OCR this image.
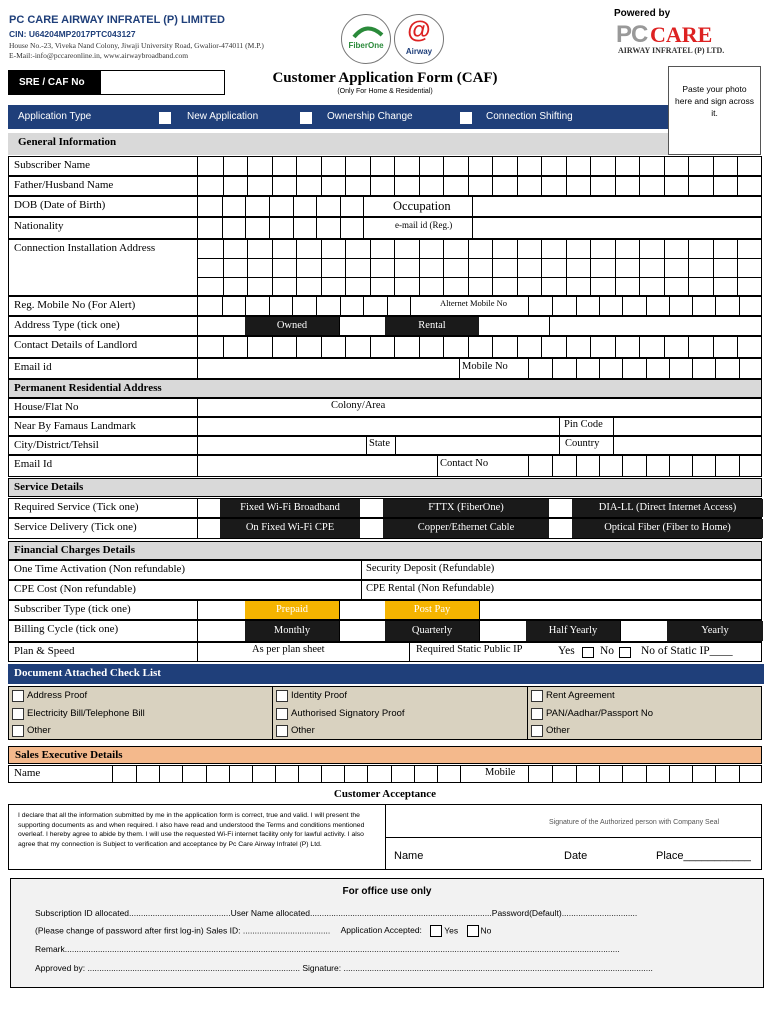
PC CARE AIRWAY INFRATEL (P) LIMITED
CIN: U64204MP2017PTC043127
House No.-23, Viveka Nand Colony, Jiwaji University Road, Gwalior-474011 (M.P.)
E-Mail:-info@pccareonline.in, www.airwaybroadband.com
FiberOne
@
Airway
Powered by
PC CARE
AIRWAY INFRATEL (P) LTD.
SRE / CAF No	Customer Application Form (CAF)
(Only For Home & Residential)	Paste your photo here and sign across it.
Application Type	New Application	Ownership Change	Connection Shifting
General Information
Subscriber Name
Father/Husband Name
DOB (Date of Birth)	Occupation
Nationality	e-mail id (Reg.)
Connection Installation Address
Reg. Mobile No (For Alert)	Alternet Mobile No
Address Type (tick one)	Owned	Rental
Contact Details of Landlord
Email id	Mobile No
Permanent Residential Address
House/Flat No	Colony/Area
Near By Famaus Landmark	Pin Code
City/District/Tehsil	State	Country
Email Id	Contact No
Service Details
Required Service (Tick one)	Fixed Wi-Fi Broadband	FTTX (FiberOne)	DIA-LL (Direct Internet Access)
Service Delivery (Tick one)	On Fixed Wi-Fi CPE	Copper/Ethernet Cable	Optical Fiber (Fiber to Home)
Financial Charges Details
One Time Activation (Non refundable)	Security Deposit (Refundable)
CPE Cost (Non refundable)	CPE Rental (Non Refundable)
Subscriber Type (tick one)	Prepaid	Post Pay
Billing Cycle (tick one)	Monthly	Quarterly	Half Yearly	Yearly
Plan & Speed	As per plan sheet	Required Static Public IP	Yes No No of Static IP____
Document Attached Check List
Address Proof	Identity Proof	Rent Agreement
Electricity Bill/Telephone Bill	Authorised Signatory Proof	PAN/Aadhar/Passport No
Other	Other	Other
Sales Executive Details
Name	Mobile
Customer Acceptance
I declare that all the information submitted by me in the application form is correct, true and valid. I will present the supporting documents as and when required. I also have read and understood the Terms and conditions mentioned overleaf. I hereby agree to abide by them. I will use the requested Wi-Fi internet facility only for lawful activity. I also agree that my connection is Subject to verification and acceptance by Pc Care Airway Infratel (P) Ltd.
Signature of the Authorized person with Company Seal
Name	Date	Place___________
For office use only
Subscription ID allocated...........................................User Name allocated.............................................................................Password(Default)................................
(Please change of password after first log-in) Sales ID: ..................................... Application Accepted:	Yes	No
Remark...........................................................................................................................................................................................................................................
Approved by: .......................................................................................... Signature: ...................................................................................................................................
